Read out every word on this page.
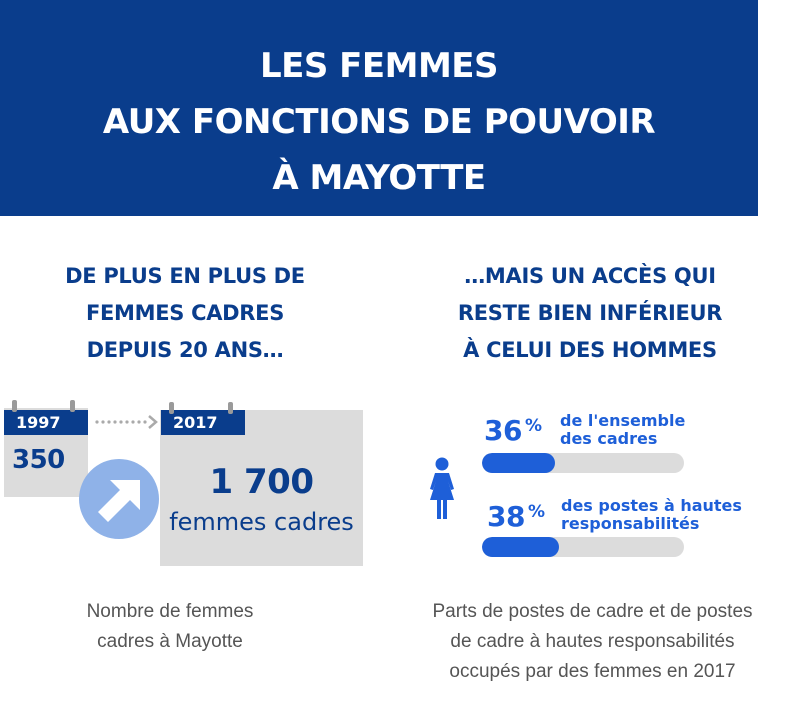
LES FEMMES
AUX FONCTIONS DE POUVOIR
À MAYOTTE
DE PLUS EN PLUS DE
FEMMES CADRES
DEPUIS 20 ANS…
…MAIS UN ACCÈS QUI
RESTE BIEN INFÉRIEUR
À CELUI DES HOMMES
1997
350
2017
1 700
femmes cadres
Nombre de femmes
cadres à Mayotte
36 % de l'ensemble
des cadres
38 % des postes à hautes
responsabilités
Parts de postes de cadre et de postes
de cadre à hautes responsabilités
occupés par des femmes en 2017
